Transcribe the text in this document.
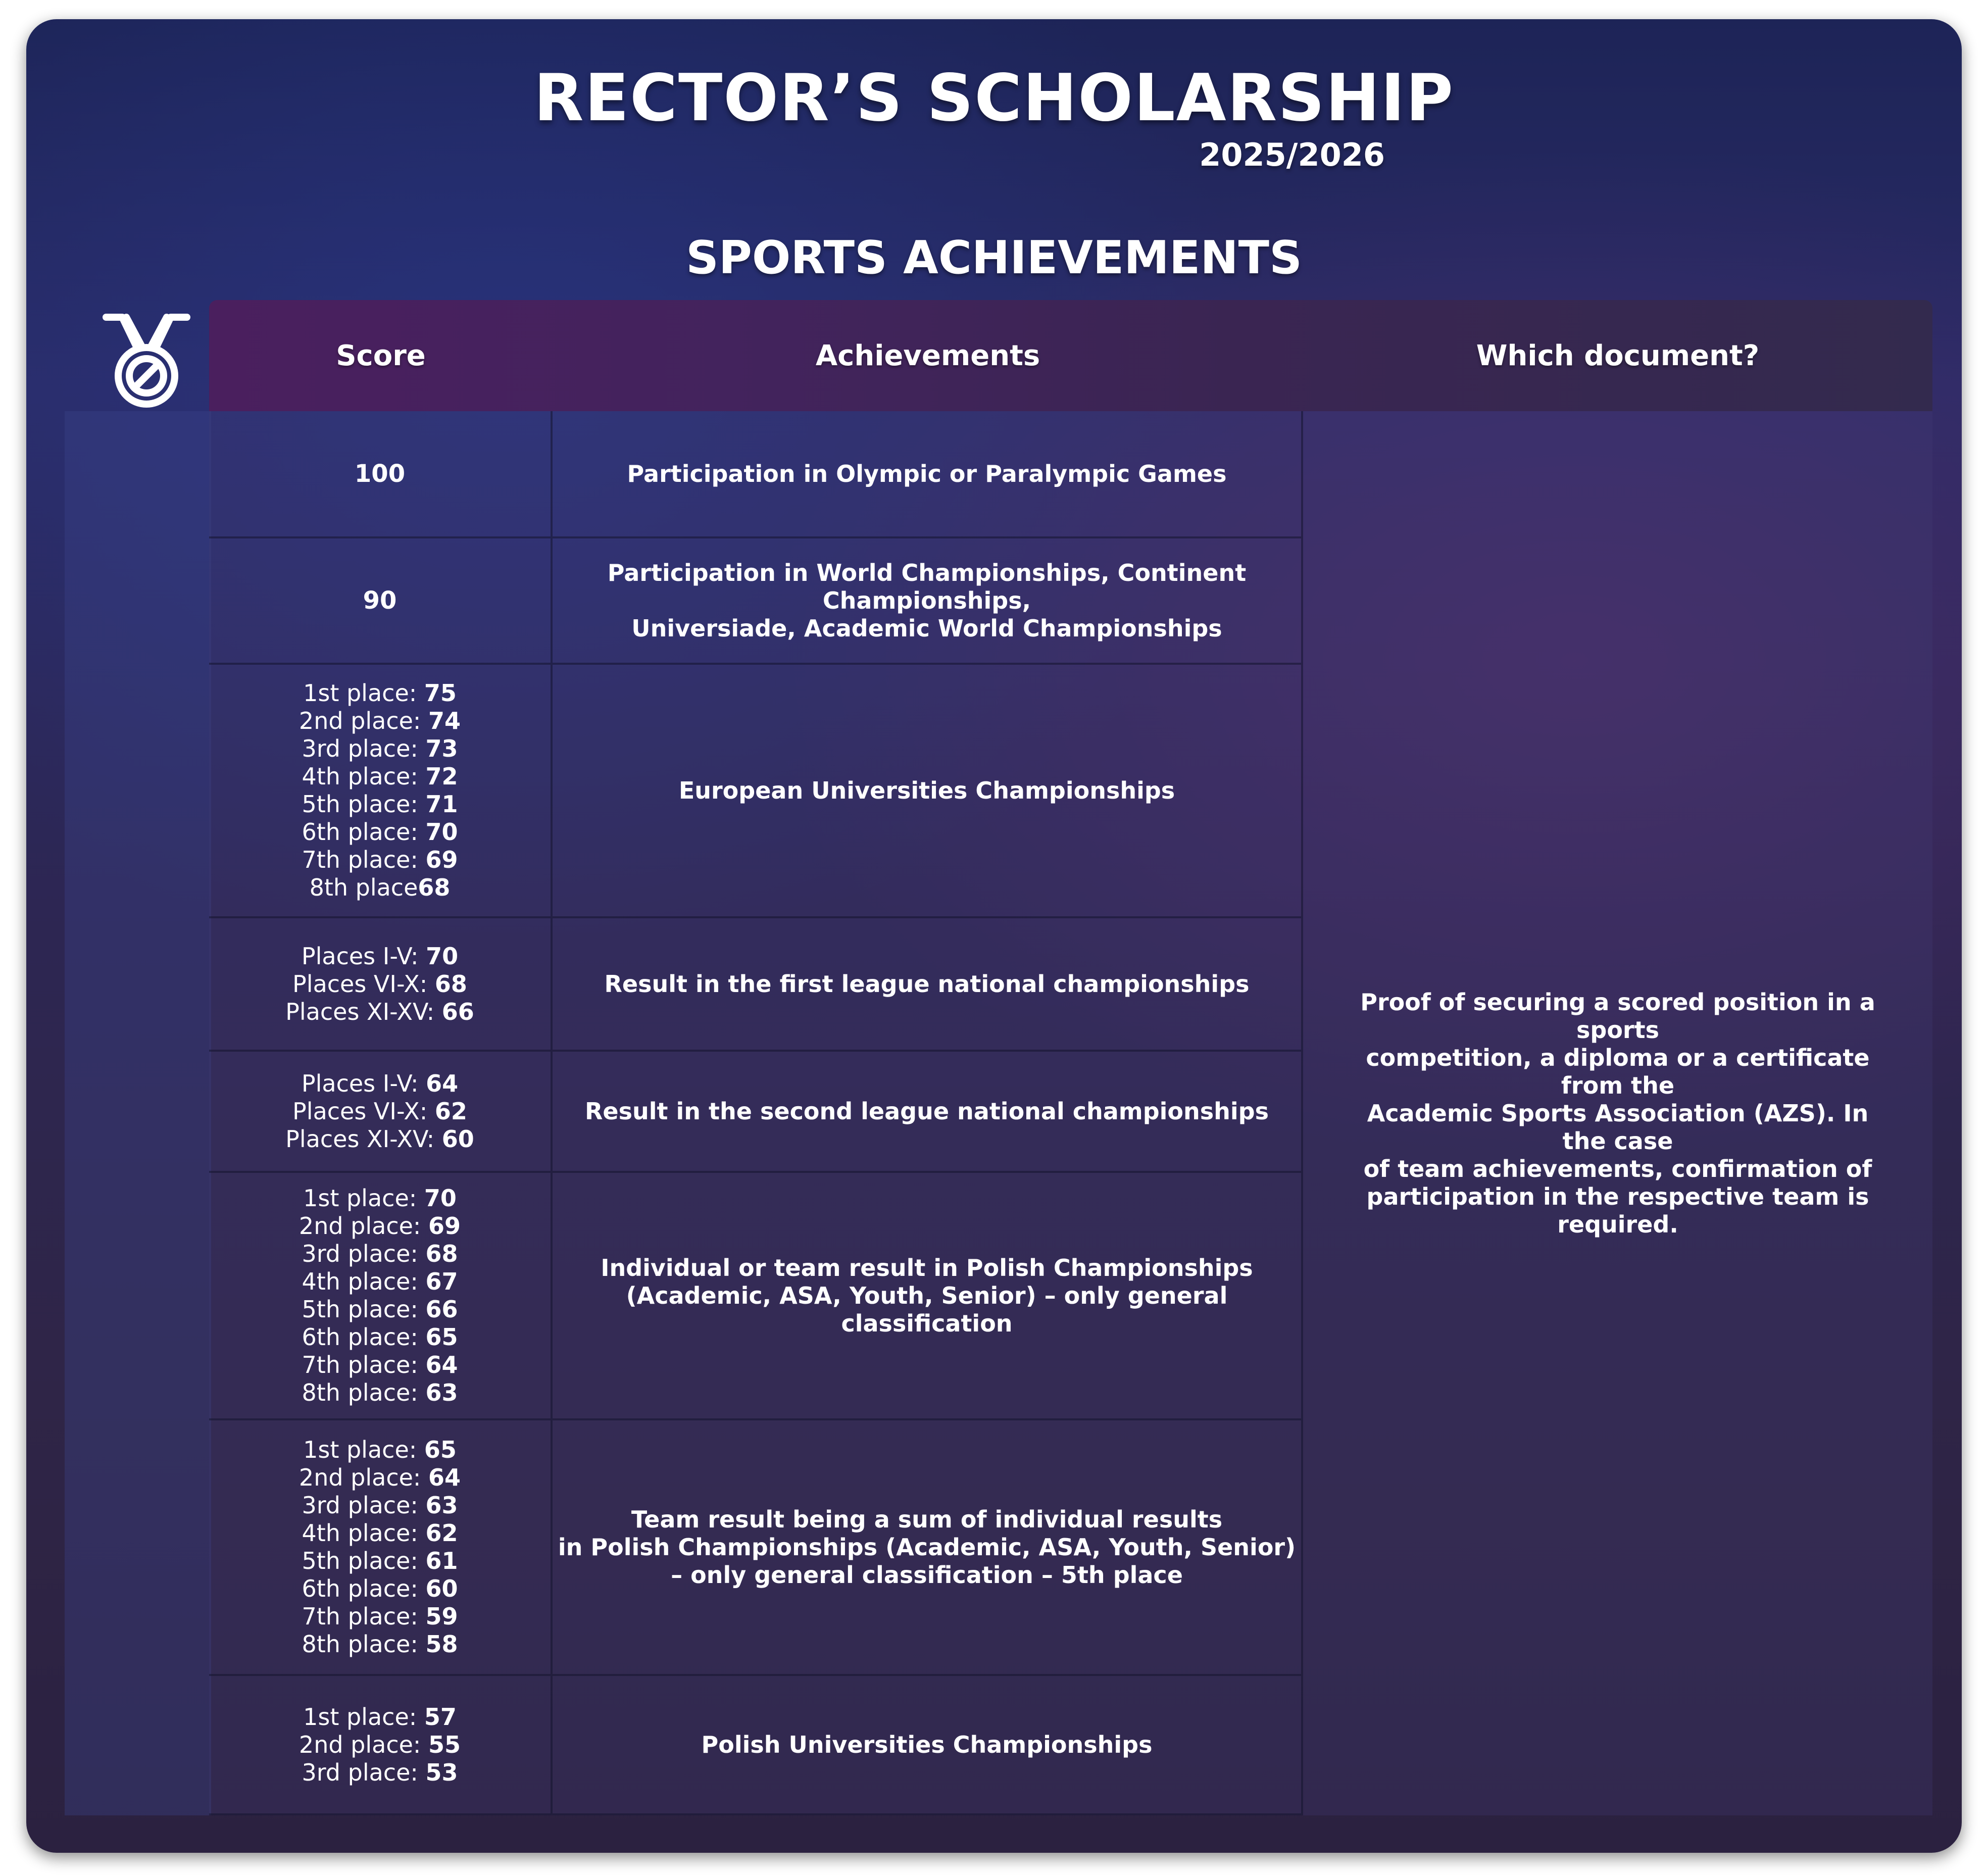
RECTOR’S SCHOLARSHIP
2025/2026
SPORTS ACHIEVEMENTS
Score	Achievements	Which document?
100
90
1st place: 75
2nd place: 74
3rd place: 73
4th place: 72
5th place: 71
6th place: 70
7th place: 69
8th place68
Places I-V: 70
Places VI-X: 68
Places XI-XV: 66
Places I-V: 64
Places VI-X: 62
Places XI-XV: 60
1st place: 70
2nd place: 69
3rd place: 68
4th place: 67
5th place: 66
6th place: 65
7th place: 64
8th place: 63
1st place: 65
2nd place: 64
3rd place: 63
4th place: 62
5th place: 61
6th place: 60
7th place: 59
8th place: 58
1st place: 57
2nd place: 55
3rd place: 53
Participation in Olympic or Paralympic Games
Participation in World Championships, Continent Championships,
Universiade, Academic World Championships
European Universities Championships
Result in the first league national championships
Result in the second league national championships
Individual or team result in Polish Championships
(Academic, ASA, Youth, Senior) – only general classification
Team result being a sum of individual results
in Polish Championships (Academic, ASA, Youth, Senior)
– only general classification – 5th place
Polish Universities Championships
Proof of securing a scored position in a sports
competition, a diploma or a certificate from the
Academic Sports Association (AZS). In the case
of team achievements, confirmation of
participation in the respective team is required.
